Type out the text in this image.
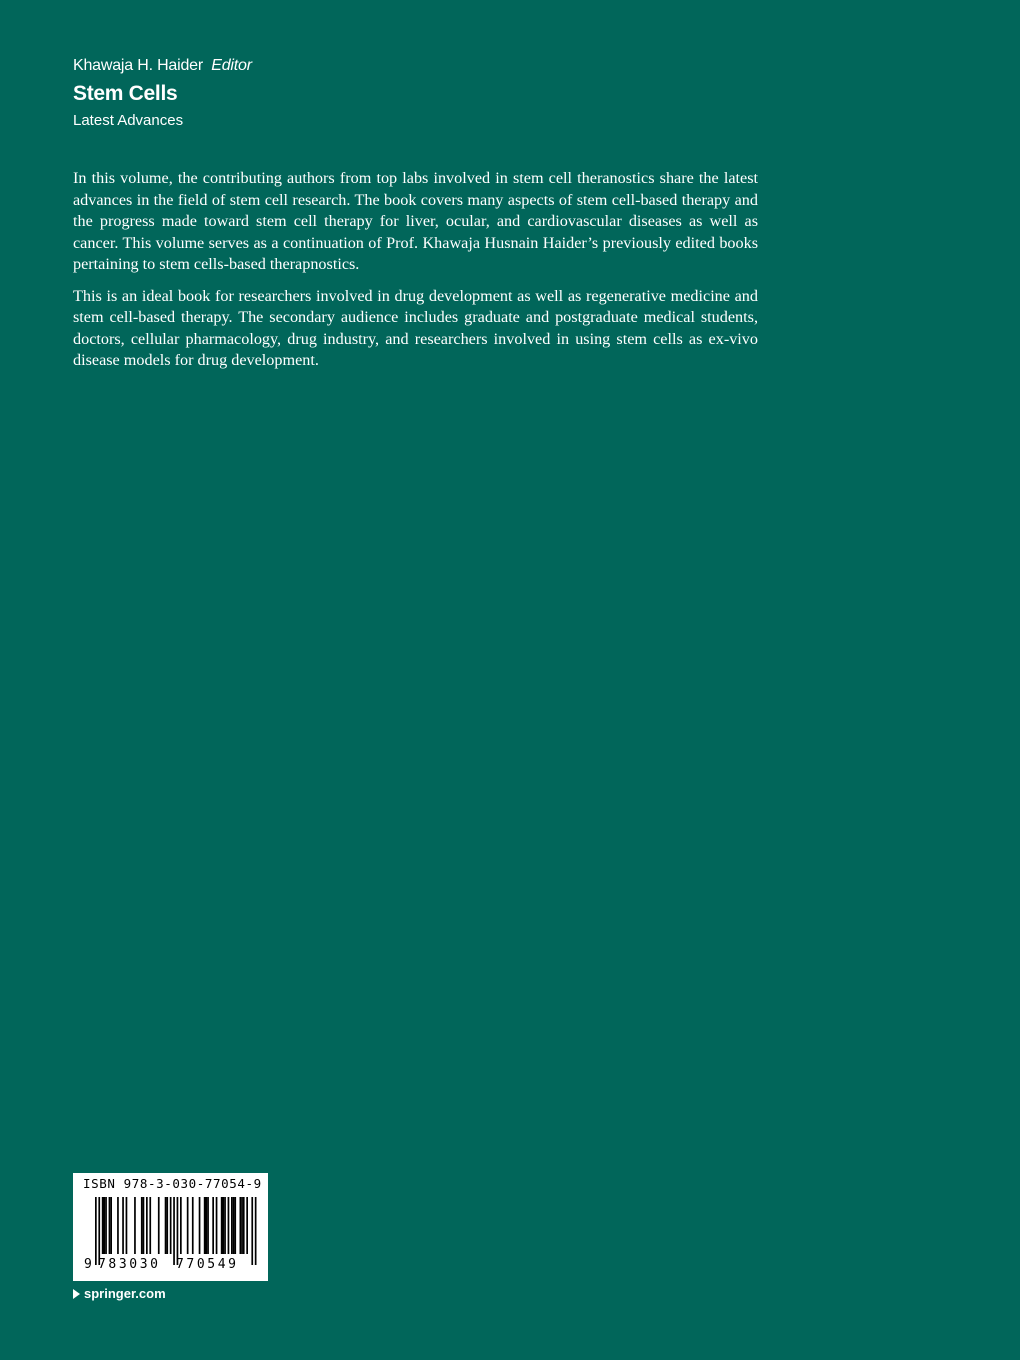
Khawaja H. Haider Editor
Stem Cells
Latest Advances

In this volume, the contributing authors from top labs involved in stem cell theranostics share the latest advances in the field of stem cell research. The book covers many aspects of stem cell-based therapy and the progress made toward stem cell therapy for liver, ocular, and cardiovascular diseases as well as cancer. This volume serves as a continuation of Prof. Khawaja Husnain Haider’s previously edited books pertaining to stem cells-based therapnostics.

This is an ideal book for researchers involved in drug development as well as regenerative medicine and stem cell-based therapy. The secondary audience includes graduate and postgraduate medical students, doctors, cellular pharmacology, drug industry, and researchers involved in using stem cells as ex-vivo disease models for drug development.

ISBN 978-3-030-77054-9
9 783030 770549
springer.com
